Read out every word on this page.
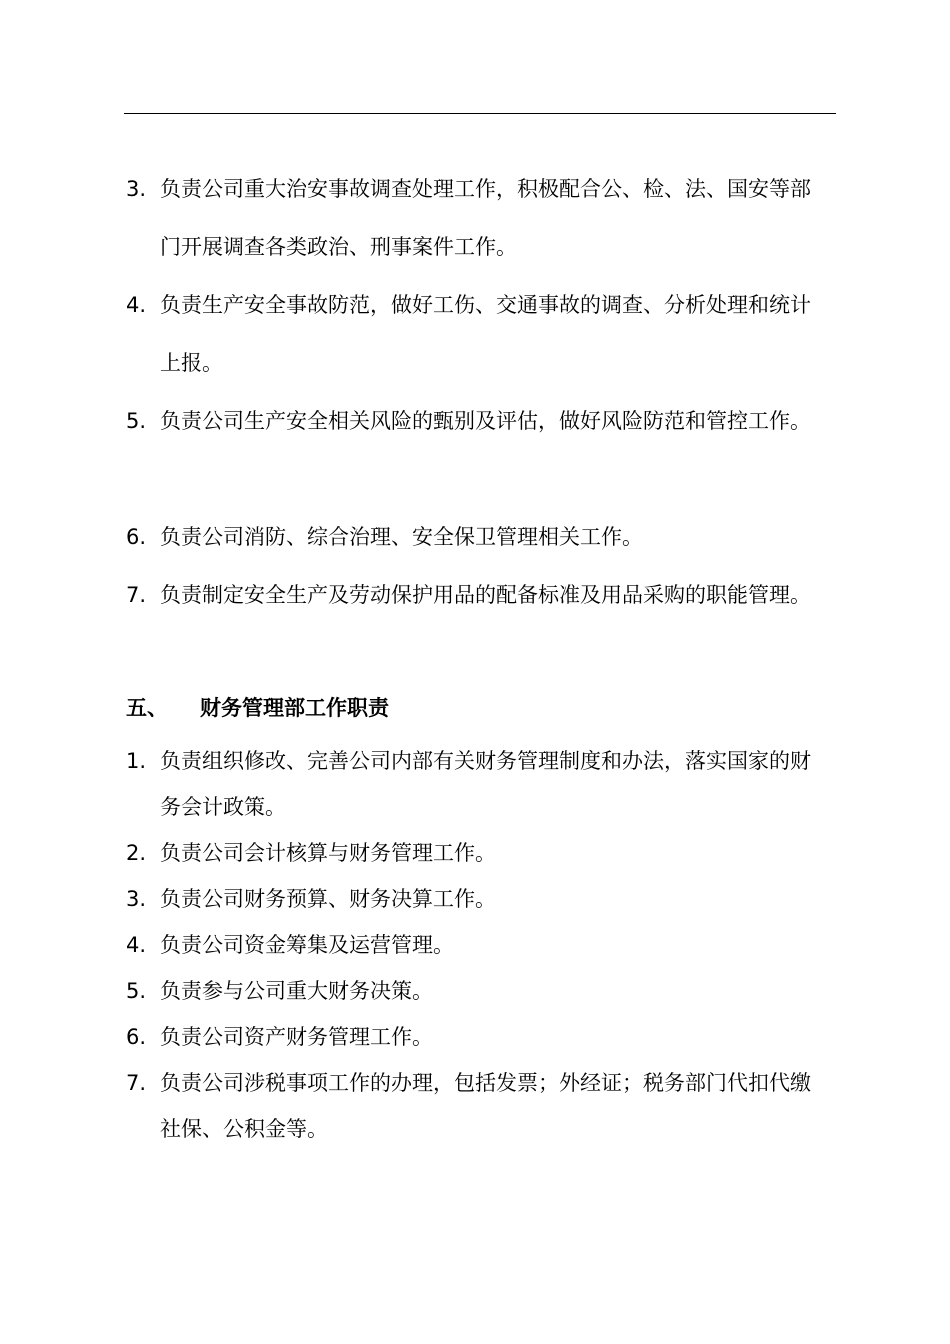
3. 负责公司重大治安事故调查处理工作，积极配合公、检、法、国安等部门开展调查各类政治、刑事案件工作。
4. 负责生产安全事故防范，做好工伤、交通事故的调查、分析处理和统计上报。
5. 负责公司生产安全相关风险的甄别及评估，做好风险防范和管控工作。
6. 负责公司消防、综合治理、安全保卫管理相关工作。
7. 负责制定安全生产及劳动保护用品的配备标准及用品采购的职能管理。
五、 财务管理部工作职责
1. 负责组织修改、完善公司内部有关财务管理制度和办法，落实国家的财务会计政策。
2. 负责公司会计核算与财务管理工作。
3. 负责公司财务预算、财务决算工作。
4. 负责公司资金筹集及运营管理。
5. 负责参与公司重大财务决策。
6. 负责公司资产财务管理工作。
7. 负责公司涉税事项工作的办理，包括发票；外经证；税务部门代扣代缴社保、公积金等。
